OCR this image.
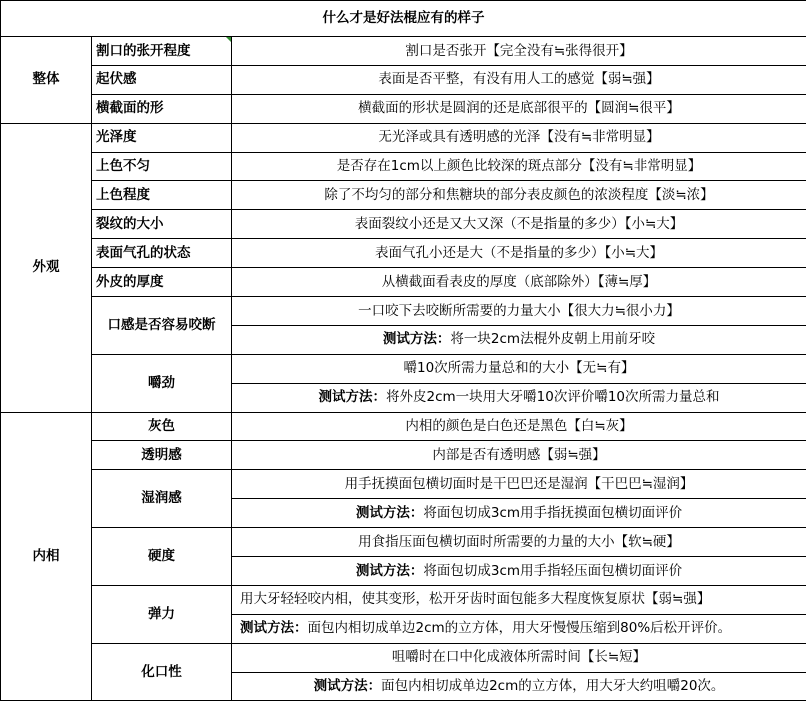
什么才是好法棍应有的样子		
整体	割口的张开程度	割口是否张开【完全没有≒张得很开】
	起伏感	表面是否平整，有没有用人工的感觉【弱≒强】
	横截面的形	横截面的形状是圆润的还是底部很平的【圆润≒很平】
外观	光泽度	无光泽或具有透明感的光泽【没有≒非常明显】
	上色不匀	是否存在1cm以上颜色比较深的斑点部分【没有≒非常明显】
	上色程度	除了不均匀的部分和焦糖块的部分表皮颜色的浓淡程度【淡≒浓】
	裂纹的大小	表面裂纹小还是又大又深（不是指量的多少）【小≒大】
	表面气孔的状态	表面气孔小还是大（不是指量的多少）【小≒大】
	外皮的厚度	从横截面看表皮的厚度（底部除外）【薄≒厚】
	口感是否容易咬断	一口咬下去咬断所需要的力量大小【很大力≒很小力】
		测试方法：将一块2cm法棍外皮朝上用前牙咬
	嚼劲	嚼10次所需力量总和的大小【无≒有】
		测试方法：将外皮2cm一块用大牙嚼10次评价嚼10次所需力量总和
内相	灰色	内相的颜色是白色还是黑色【白≒灰】
	透明感	内部是否有透明感【弱≒强】
	湿润感	用手抚摸面包横切面时是干巴巴还是湿润【干巴巴≒湿润】
		测试方法：将面包切成3cm用手指抚摸面包横切面评价
	硬度	用食指压面包横切面时所需要的力量的大小【软≒硬】
		测试方法：将面包切成3cm用手指轻压面包横切面评价
	弹力	用大牙轻轻咬内相，使其变形，松开牙齿时面包能多大程度恢复原状【弱≒强】
		测试方法：面包内相切成单边2cm的立方体，用大牙慢慢压缩到80%后松开评价。
	化口性	咀嚼时在口中化成液体所需时间【长≒短】
		测试方法：面包内相切成单边2cm的立方体，用大牙大约咀嚼20次。
